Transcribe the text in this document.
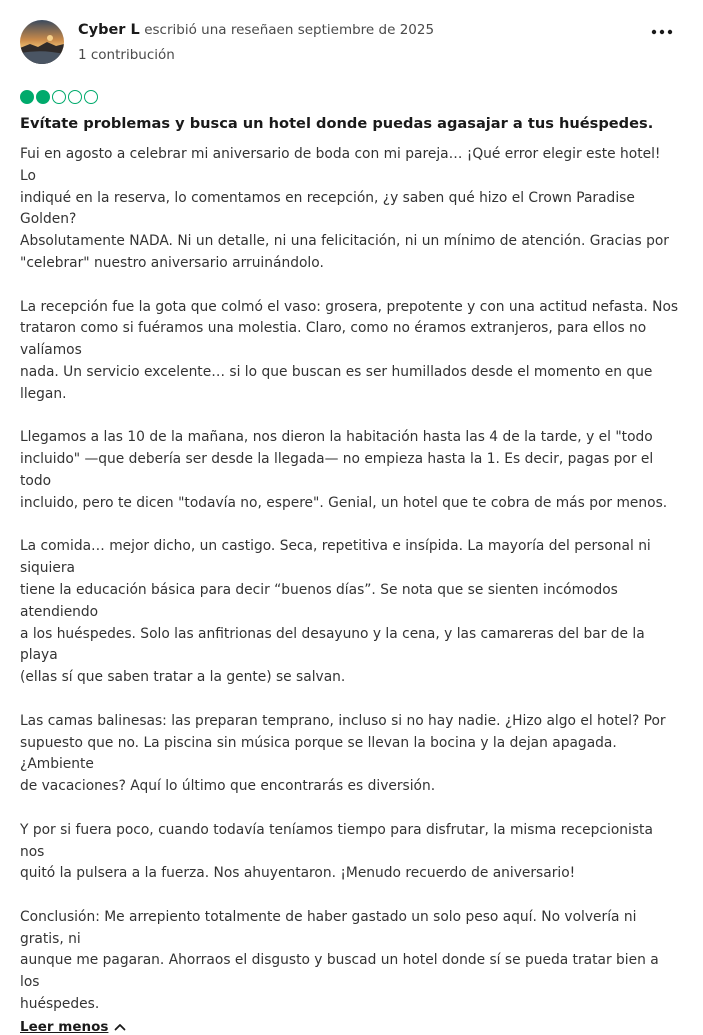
Cyber L escribió una reseñaen septiembre de 2025
1 contribución
Evítate problemas y busca un hotel donde puedas agasajar a tus huéspedes.

Fui en agosto a celebrar mi aniversario de boda con mi pareja… ¡Qué error elegir este hotel! Lo
indiqué en la reserva, lo comentamos en recepción, ¿y saben qué hizo el Crown Paradise Golden?
Absolutamente NADA. Ni un detalle, ni una felicitación, ni un mínimo de atención. Gracias por
"celebrar" nuestro aniversario arruinándolo.

La recepción fue la gota que colmó el vaso: grosera, prepotente y con una actitud nefasta. Nos
trataron como si fuéramos una molestia. Claro, como no éramos extranjeros, para ellos no valíamos
nada. Un servicio excelente… si lo que buscan es ser humillados desde el momento en que llegan.

Llegamos a las 10 de la mañana, nos dieron la habitación hasta las 4 de la tarde, y el "todo
incluido" —que debería ser desde la llegada— no empieza hasta la 1. Es decir, pagas por el todo
incluido, pero te dicen "todavía no, espere". Genial, un hotel que te cobra de más por menos.

La comida… mejor dicho, un castigo. Seca, repetitiva e insípida. La mayoría del personal ni siquiera
tiene la educación básica para decir “buenos días”. Se nota que se sienten incómodos atendiendo
a los huéspedes. Solo las anfitrionas del desayuno y la cena, y las camareras del bar de la playa
(ellas sí que saben tratar a la gente) se salvan.

Las camas balinesas: las preparan temprano, incluso si no hay nadie. ¿Hizo algo el hotel? Por
supuesto que no. La piscina sin música porque se llevan la bocina y la dejan apagada. ¿Ambiente
de vacaciones? Aquí lo último que encontrarás es diversión.

Y por si fuera poco, cuando todavía teníamos tiempo para disfrutar, la misma recepcionista nos
quitó la pulsera a la fuerza. Nos ahuyentaron. ¡Menudo recuerdo de aniversario!

Conclusión: Me arrepiento totalmente de haber gastado un solo peso aquí. No volvería ni gratis, ni
aunque me pagaran. Ahorraos el disgusto y buscad un hotel donde sí se pueda tratar bien a los
huéspedes.

Leer menos
